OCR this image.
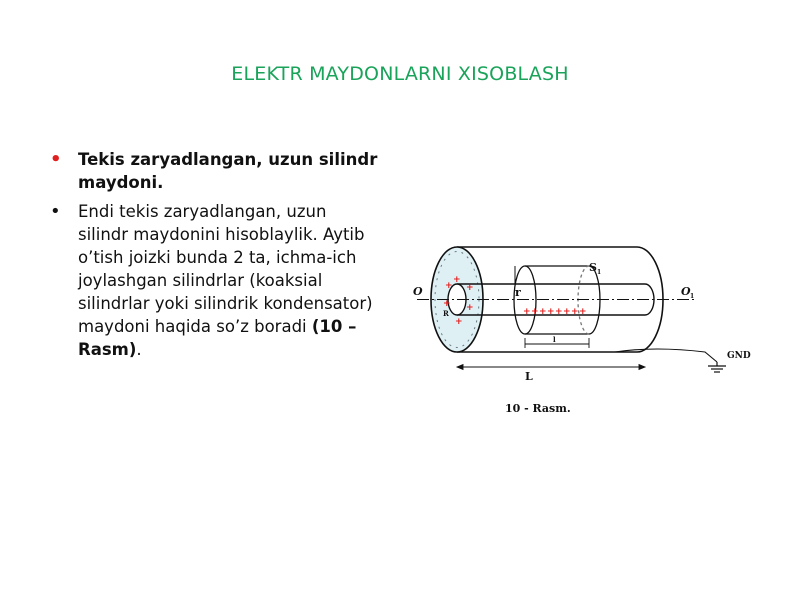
ELEKTR MAYDONLARNI XISOBLASH
• Tekis zaryadlangan, uzun silindr maydoni.
• Endi tekis zaryadlangan, uzun silindr maydonini hisoblaylik. Aytib o’tish joizki bunda 2 ta, ichma-ich joylashgan silindrlar (koaksial silindrlar yoki silindrik kondensator) maydoni haqida so’z boradi (10 – Rasm).
r
R	+ + + + + + + +
+ +
+ +
+
+
l
L
O	O 1
S 1
GND
10 - Rasm.
